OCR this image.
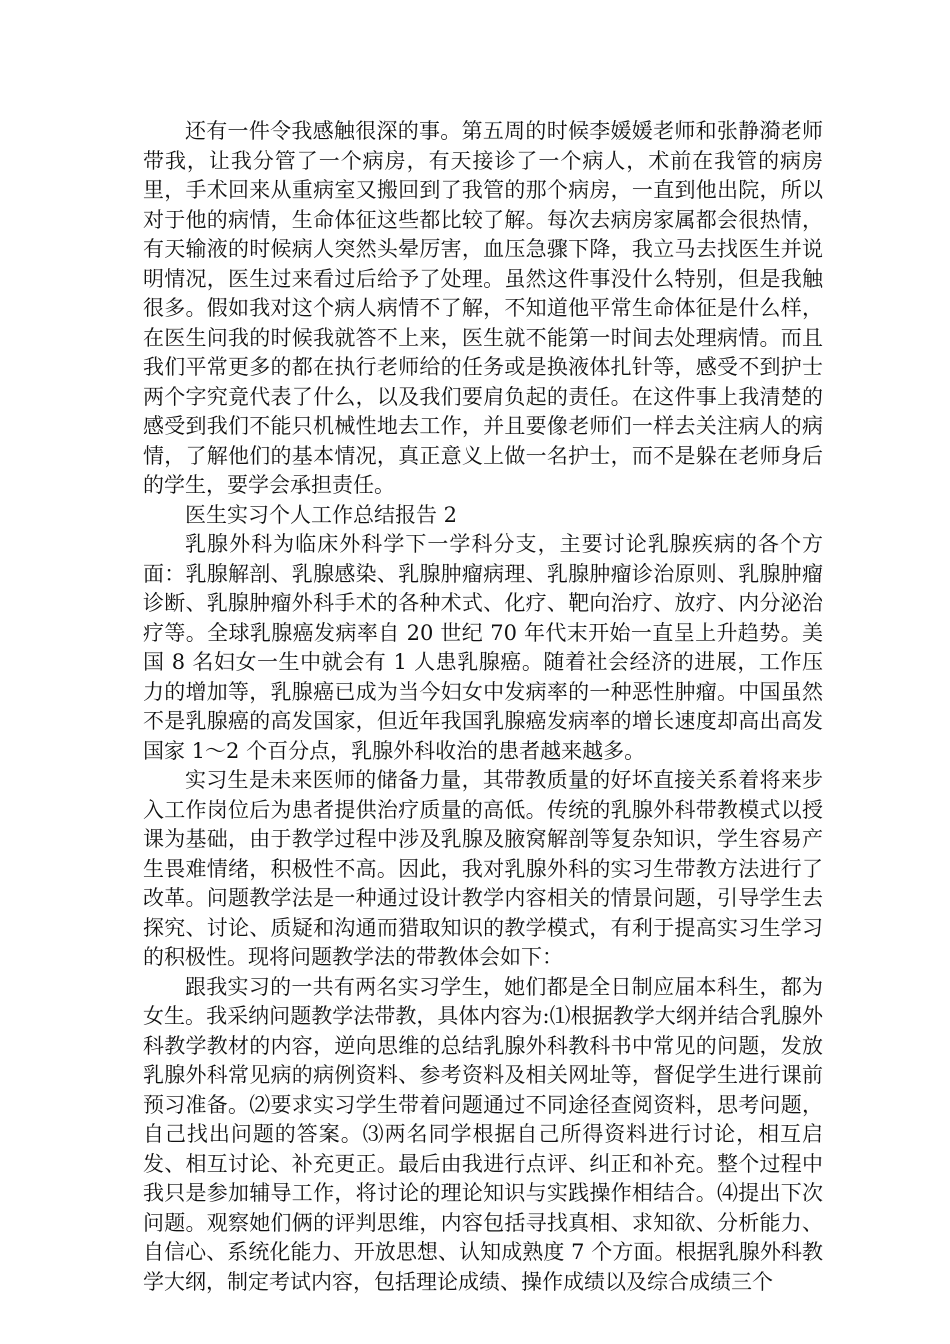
还有一件令我感触很深的事。第五周的时候李媛媛老师和张静漪老师带我，让我分管了一个病房，有天接诊了一个病人，术前在我管的病房里，手术回来从重病室又搬回到了我管的那个病房，一直到他出院，所以对于他的病情，生命体征这些都比较了解。每次去病房家属都会很热情，有天输液的时候病人突然头晕厉害，血压急骤下降，我立马去找医生并说明情况，医生过来看过后给予了处理。虽然这件事没什么特别，但是我触很多。假如我对这个病人病情不了解，不知道他平常生命体征是什么样，在医生问我的时候我就答不上来，医生就不能第一时间去处理病情。而且我们平常更多的都在执行老师给的任务或是换液体扎针等，感受不到护士两个字究竟代表了什么，以及我们要肩负起的责任。在这件事上我清楚的感受到我们不能只机械性地去工作，并且要像老师们一样去关注病人的病情，了解他们的基本情况，真正意义上做一名护士，而不是躲在老师身后的学生，要学会承担责任。

医生实习个人工作总结报告 2

乳腺外科为临床外科学下一学科分支，主要讨论乳腺疾病的各个方面：乳腺解剖、乳腺感染、乳腺肿瘤病理、乳腺肿瘤诊治原则、乳腺肿瘤诊断、乳腺肿瘤外科手术的各种术式、化疗、靶向治疗、放疗、内分泌治疗等。全球乳腺癌发病率自 20 世纪 70 年代末开始一直呈上升趋势。美国 8 名妇女一生中就会有 1 人患乳腺癌。随着社会经济的进展，工作压力的增加等，乳腺癌已成为当今妇女中发病率的一种恶性肿瘤。中国虽然不是乳腺癌的高发国家，但近年我国乳腺癌发病率的增长速度却高出高发国家 1～2 个百分点，乳腺外科收治的患者越来越多。

实习生是未来医师的储备力量，其带教质量的好坏直接关系着将来步入工作岗位后为患者提供治疗质量的高低。传统的乳腺外科带教模式以授课为基础，由于教学过程中涉及乳腺及腋窝解剖等复杂知识，学生容易产生畏难情绪，积极性不高。因此，我对乳腺外科的实习生带教方法进行了改革。问题教学法是一种通过设计教学内容相关的情景问题，引导学生去探究、讨论、质疑和沟通而猎取知识的教学模式，有利于提高实习生学习的积极性。现将问题教学法的带教体会如下：

跟我实习的一共有两名实习学生，她们都是全日制应届本科生，都为女生。我采纳问题教学法带教，具体内容为:⑴根据教学大纲并结合乳腺外科教学教材的内容，逆向思维的总结乳腺外科教科书中常见的问题，发放乳腺外科常见病的病例资料、参考资料及相关网址等，督促学生进行课前预习准备。⑵要求实习学生带着问题通过不同途径查阅资料，思考问题，自己找出问题的答案。⑶两名同学根据自己所得资料进行讨论，相互启发、相互讨论、补充更正。最后由我进行点评、纠正和补充。整个过程中我只是参加辅导工作，将讨论的理论知识与实践操作相结合。⑷提出下次问题。观察她们俩的评判思维，内容包括寻找真相、求知欲、分析能力、自信心、系统化能力、开放思想、认知成熟度 7 个方面。根据乳腺外科教学大纲，制定考试内容，包括理论成绩、操作成绩以及综合成绩三个
